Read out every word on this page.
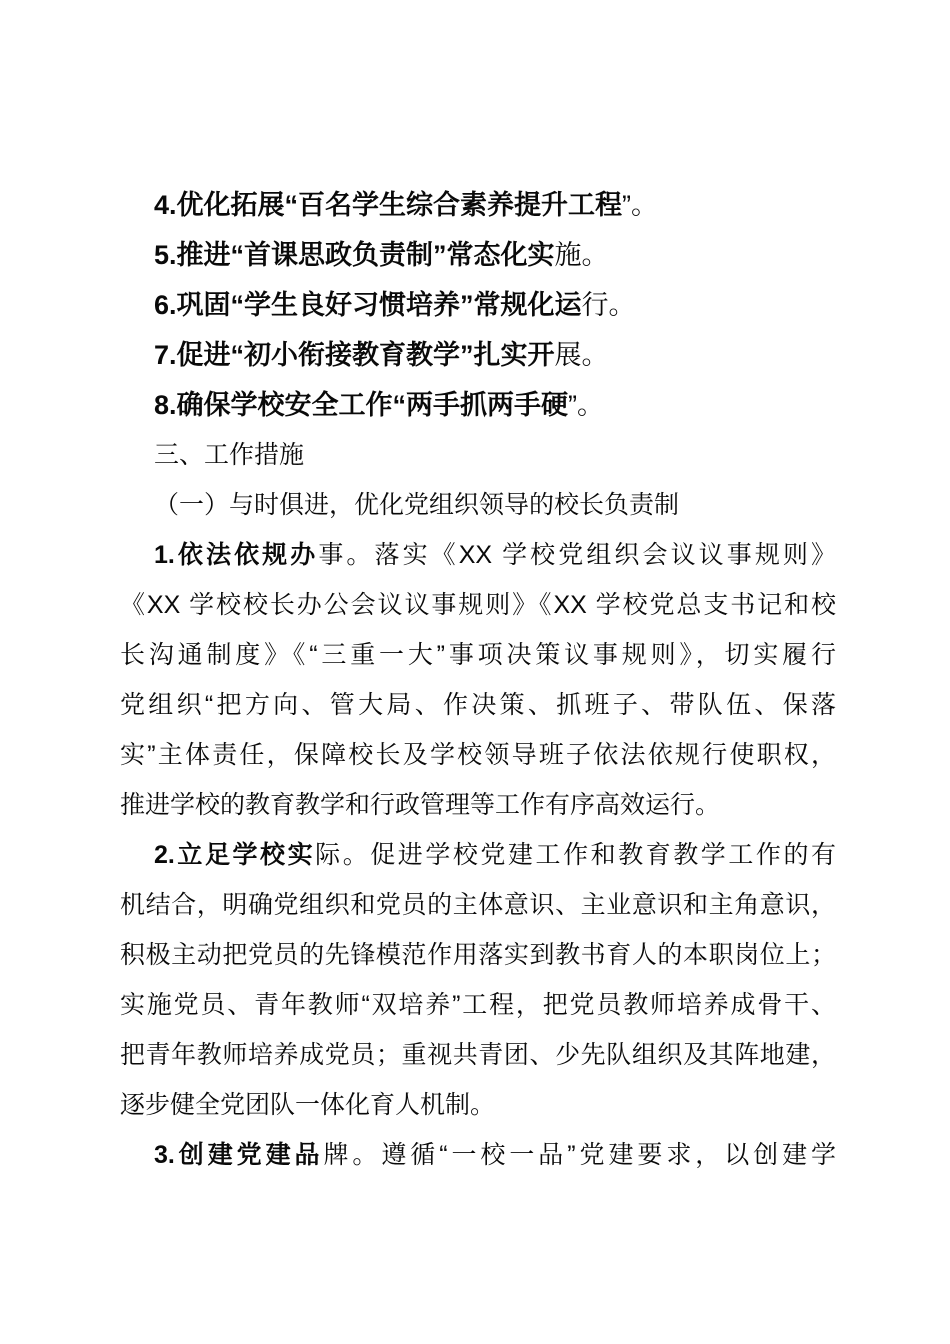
4.优化拓展“百名学生综合素养提升工程”。
5.推进“首课思政负责制”常态化实施。
6.巩固“学生良好习惯培养”常规化运行。
7.促进“初小衔接教育教学”扎实开展。
8.确保学校安全工作“两手抓两手硬”。
三、工作措施
（一）与时俱进，优化党组织领导的校长负责制
1.依法依规办事。落实《XX 学校党组织会议议事规则》
《XX 学校校长办公会议议事规则》《XX 学校党总支书记和校
长沟通制度》《“三重一大”事项决策议事规则》，切实履行
党组织“把方向、管大局、作决策、抓班子、带队伍、保落
实”主体责任，保障校长及学校领导班子依法依规行使职权，
推进学校的教育教学和行政管理等工作有序高效运行。
2.立足学校实际。促进学校党建工作和教育教学工作的有
机结合，明确党组织和党员的主体意识、主业意识和主角意识，
积极主动把党员的先锋模范作用落实到教书育人的本职岗位上；
实施党员、青年教师“双培养”工程，把党员教师培养成骨干、
把青年教师培养成党员；重视共青团、少先队组织及其阵地建，
逐步健全党团队一体化育人机制。
3.创建党建品牌。遵循“一校一品”党建要求，以创建学
